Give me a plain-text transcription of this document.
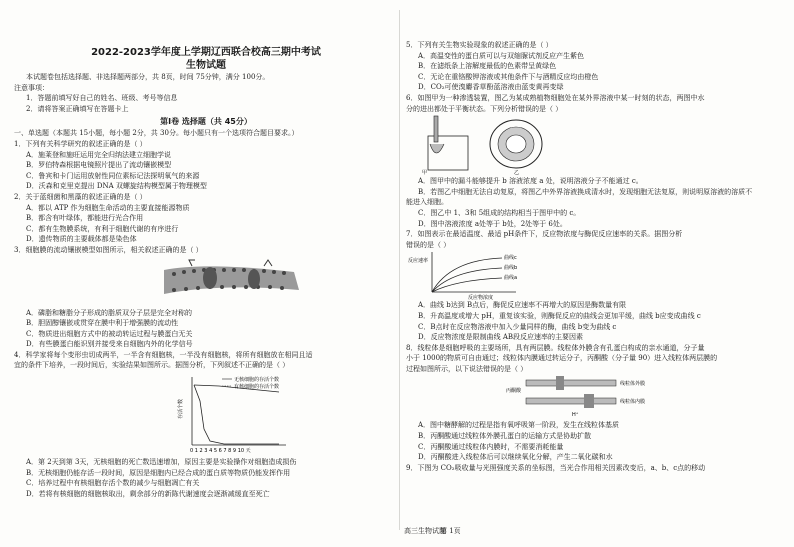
2022-2023学年度上学期辽西联合校高三期中考试
生物试题

本试题卷包括选择题、非选择题两部分，共 8页，时间 75分钟，满分 100分。

注意事项：

1．答题前填写好自己的姓名、班级、考号等信息

2．请将答案正确填写在答题卡上

第Ⅰ卷 选择题（共 45分）

一、单选题（本题共 15小题，每小题 2分，共 30分。每小题只有一个选项符合题目要求。）

1．下列有关科学研究的叙述正确的是（ ）

A．施莱登和施旺运用完全归纳法建立细胞学说

B．罗伯特森根据电镜照片提出了流动镶嵌模型

C．鲁宾和卡门运用放射性同位素标记法探明氧气的来源

D．沃森和克里克提出 DNA 双螺旋结构模型属于物理模型

2．关于蓝细菌和黑藻的叙述正确的是（ ）

A．都以 ATP 作为细胞生命活动的主要直接能源物质

B．都含有叶绿体，都能进行光合作用

C．都有生物膜系统，有利于细胞代谢的有序进行

D．遗传物质的主要载体都是染色体

3．细胞膜的流动镶嵌模型如图所示，相关叙述正确的是（ ）

A．磷脂和糖脂分子形成的脂质双分子层是完全对称的

B．胆固醇镶嵌或贯穿在膜中利于增强膜的流动性

C．物质进出细胞方式中的被动转运过程与膜蛋白无关

D．有些膜蛋白能识别并接受来自细胞内外的化学信号

4．科学家将每个变形虫切成两半，一半含有细胞核，一半没有细胞核，将所有细胞放在相同且适

宜的条件下培养，一段时间后，实验结果如图所示。据图分析，下列叙述不正确的是（ ）

存活个数
无核细胞的存活个数
有核细胞的存活个数
0 1 2 3 4 5 6 7 8 9 10 天

A．第 2天到第 3天，无核细胞的死亡数迅速增加，原因主要是实验操作对细胞造成损伤

B．无核细胞仍能存活一段时间，原因是细胞内已经合成的蛋白质等物质仍能发挥作用

C．培养过程中有核细胞存活个数的减少与细胞凋亡有关

D．若将有核细胞的细胞核取出，剩余部分的新陈代谢速度会逐渐减缓直至死亡

5．下列有关生物实验现象的叙述正确的是（ ）

A．高温变性的蛋白质可以与双缩脲试剂反应产生紫色

B．在滤纸条上溶解度最低的色素带呈黄绿色

C．无论在重铬酸钾溶液或其他条件下与酒精反应均由橙色

D．CO₂可使溴麝香草酚蓝溶液由蓝变黄再变绿

6．如图甲为一种渗透装置，图乙为某成熟植物细胞处在某外界溶液中某一时刻的状态，两图中水

分的进出都处于平衡状态。下列分析错误的是（ ）

甲	乙

A．图甲中的漏斗能够提升 b 溶液浓度 a 处，说明溶液分子不能通过 c。

B．若图乙中细胞无法自动复原，将图乙中外界溶液换成清水时，发现细胞无法复原，则说明原溶液的溶质不

能进入细胞。

C．图乙中 1、3和 5组成的结构相当于图甲中的 c。

D．图中溶液浓度 a处等于 b处，2处等于 6处。

7．如图表示在最适温度、最适 pH条件下，反应物浓度与酶促反应速率的关系。据图分析

错误的是（ ）

曲线c
曲线b
曲线a
反应速率
反应物浓度

A．曲线 b达到 B点后，酶促反应速率不再增大的原因是酶数量有限

B．升高温度或增大 pH，重复该实验，则酶促反应的曲线会更加平缓，曲线 b应变成曲线 c

C．B点时在反应物溶液中加入少量同样的酶，曲线 b变为曲线 c

D．反应物浓度是限制曲线 AB段反应速率的主要因素

8．线粒体是细胞呼吸的主要场所，具有两层膜。线粒体外膜含有孔蛋白构成的亲水通道，分子量

小于 1000的物质可自由通过；线粒体内膜通过转运分子，丙酮酸（分子量 90）进入线粒体两层膜的

过程如图所示，以下说法错误的是（ ）

丙酮酸
线粒体外膜
线粒体内膜
H⁺

A．图中糖酵解的过程是指有氧呼吸第一阶段，发生在线粒体基质

B．丙酮酸通过线粒体外膜孔蛋白的运输方式是协助扩散

C．丙酮酸通过线粒体内膜时，不需要消耗能量

D．丙酮酸进入线粒体后可以继续氧化分解，产生二氧化碳和水

9．下图为 CO₂吸收量与光照强度关系的坐标图，当光合作用相关因素改变后，a、b、c点的移动

高三生物试题
第 1页
